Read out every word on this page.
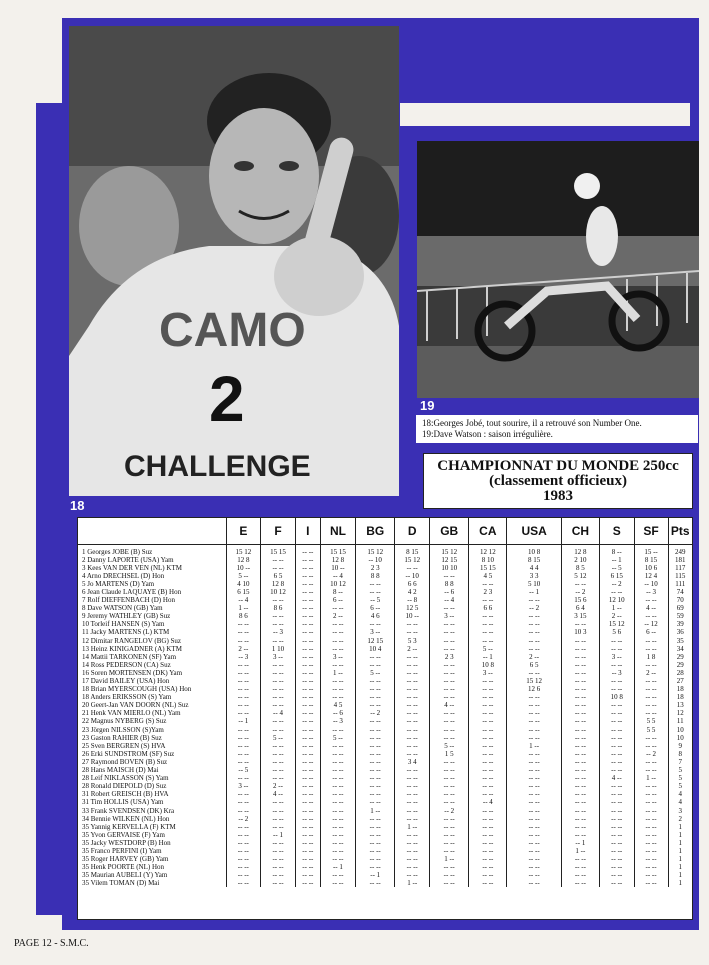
CAMO
2
CHALLENGE
18
19
18:Georges Jobé, tout sourire, il a retrouvé son Number One.
19:Dave Watson : saison irrégulière.
CHAMPIONNAT DU MONDE 250cc
(classement officieux)
1983
	E	F	I	NL	BG	D	GB	CA	USA	CH	S	SF	Pts
1 Georges JOBE (B) Suz	15 12	15 15	-- --	15 15	15 12	8 15	15 12	12 12	10 8	12 8	8 --	15 --	249
2 Danny LAPORTE (USA) Yam	12 8	-- --	-- --	12 8	-- 10	15 12	12 15	8 10	8 15	2 10	-- 1	8 15	181
3 Kees VAN DER VEN (NL) KTM	10 --	-- --	-- --	10 --	2 3	-- --	10 10	15 15	4 4	8 5	-- 5	10 6	117
4 Arno DRECHSEL (D) Hon	5 --	6 5	-- --	-- 4	8 8	-- 10	-- --	4 5	3 3	5 12	6 15	12 4	115
5 Jo MARTENS (D) Yam	4 10	12 8	-- --	10 12	-- --	6 6	8 8	-- --	5 10	-- --	-- 2	-- 10	111
6 Jean Claude LAQUAYE (B) Hon	6 15	10 12	-- --	8 --	-- --	4 2	-- 6	2 3	-- 1	-- 2	-- --	-- 3	74
7 Rolf DIEFFENBACH (D) Hon	-- 4	-- --	-- --	6 --	-- 5	-- 8	-- 4	-- --	-- --	15 6	12 10	-- --	70
8 Dave WATSON (GB) Yam	1 --	8 6	-- --	-- --	6 --	12 5	-- --	6 6	-- 2	6 4	1 --	4 --	69
9 Jeremy WATHLEY (GB) Suz	8 6	-- --	-- --	2 --	4 6	10 --	3 --	-- --	-- --	3 15	2 --	-- --	59
10 Torleif HANSEN (S) Yam	-- --	-- --	-- --	-- --	-- --	-- --	-- --	-- --	-- --	-- --	15 12	-- 12	39
11 Jacky MARTENS (L) KTM	-- --	-- 3	-- --	-- --	3 --	-- --	-- --	-- --	-- --	10 3	5 6	6 --	36
12 Dimitar RANGELOV (BG) Suz	-- --	-- --	-- --	-- --	12 15	5 3	-- --	-- --	-- --	-- --	-- --	-- --	35
13 Heinz KINIGADNER (A) KTM	2 --	1 10	-- --	-- --	10 4	2 --	-- --	5 --	-- --	-- --	-- --	-- --	34
14 Mattii TARKONEN (SF) Yam	-- 3	3 --	-- --	3 --	-- --	-- --	2 3	-- 1	2 --	-- --	3 --	1 8	29
14 Ross PEDERSON (CA) Suz	-- --	-- --	-- --	-- --	-- --	-- --	-- --	10 8	6 5	-- --	-- --	-- --	29
16 Soren MORTENSEN (DK) Yam	-- --	-- --	-- --	1 --	5 --	-- --	-- --	3 --	-- --	-- --	-- 3	2 --	28
17 David BAILEY (USA) Hon	-- --	-- --	-- --	-- --	-- --	-- --	-- --	-- --	15 12	-- --	-- --	-- --	27
18 Brian MYERSCOUGH (USA) Hon	-- --	-- --	-- --	-- --	-- --	-- --	-- --	-- --	12 6	-- --	-- --	-- --	18
18 Anders ERIKSSON (S) Yam	-- --	-- --	-- --	-- --	-- --	-- --	-- --	-- --	-- --	-- --	10 8	-- --	18
20 Geert-Jan VAN DOORN (NL) Suz	-- --	-- --	-- --	4 5	-- --	-- --	4 --	-- --	-- --	-- --	-- --	-- --	13
21 Henk VAN MIERLO (NL) Yam	-- --	-- 4	-- --	-- 6	-- 2	-- --	-- --	-- --	-- --	-- --	-- --	-- --	12
22 Magnus NYBERG (S) Suz	-- 1	-- --	-- --	-- 3	-- --	-- --	-- --	-- --	-- --	-- --	-- --	5 5	11
23 Jörgen NILSSON (S)Yam	-- --	-- --	-- --	-- --	-- --	-- --	-- --	-- --	-- --	-- --	-- --	5 5	10
23 Gaston RAHIER (B) Suz	-- --	5 --	-- --	5 --	-- --	-- --	-- --	-- --	-- --	-- --	-- --	-- --	10
25 Sven BERGREN (S) HVA	-- --	-- --	-- --	-- --	-- --	-- --	5 --	-- --	1 --	-- --	-- --	-- --	9
26 Erki SUNDSTROM (SF) Suz	-- --	-- --	-- --	-- --	-- --	-- --	1 5	-- --	-- --	-- --	-- --	-- 2	8
27 Raymond BOVEN (B) Suz	-- --	-- --	-- --	-- --	-- --	3 4	-- --	-- --	-- --	-- --	-- --	-- --	7
28 Hans MAISCH (D) Mai	-- 5	-- --	-- --	-- --	-- --	-- --	-- --	-- --	-- --	-- --	-- --	-- --	5
28 Leif NIKLASSON (S) Yam	-- --	-- --	-- --	-- --	-- --	-- --	-- --	-- --	-- --	-- --	4 --	1 --	5
28 Ronald DIEPOLD (D) Suz	3 --	2 --	-- --	-- --	-- --	-- --	-- --	-- --	-- --	-- --	-- --	-- --	5
31 Robert GREISCH (B) HVA	-- --	4 --	-- --	-- --	-- --	-- --	-- --	-- --	-- --	-- --	-- --	-- --	4
31 Tim HOLLIS (USA) Yam	-- --	-- --	-- --	-- --	-- --	-- --	-- --	-- 4	-- --	-- --	-- --	-- --	4
33 Frank SVENDSEN (DK) Kra	-- --	-- --	-- --	-- --	1 --	-- --	-- 2	-- --	-- --	-- --	-- --	-- --	3
34 Bennie WILKEN (NL) Hon	-- 2	-- --	-- --	-- --	-- --	-- --	-- --	-- --	-- --	-- --	-- --	-- --	2
35 Yannig KERVELLA (F) KTM	-- --	-- --	-- --	-- --	-- --	1 --	-- --	-- --	-- --	-- --	-- --	-- --	1
35 Yvon GERVAISE (F) Yam	-- --	-- 1	-- --	-- --	-- --	-- --	-- --	-- --	-- --	-- --	-- --	-- --	1
35 Jacky WESTDORP (B) Hon	-- --	-- --	-- --	-- --	-- --	-- --	-- --	-- --	-- --	-- 1	-- --	-- --	1
35 Franco PERFINI (I) Yam	-- --	-- --	-- --	-- --	-- --	-- --	-- --	-- --	-- --	1 --	-- --	-- --	1
35 Roger HARVEY (GB) Yam	-- --	-- --	-- --	-- --	-- --	-- --	1 --	-- --	-- --	-- --	-- --	-- --	1
35 Henk POORTE (NL) Hon	-- --	-- --	-- --	-- 1	-- --	-- --	-- --	-- --	-- --	-- --	-- --	-- --	1
35 Maurian AUBELI (Y) Yam	-- --	-- --	-- --	-- --	-- 1	-- --	-- --	-- --	-- --	-- --	-- --	-- --	1
35 Vilem TOMAN (D) Mai	-- --	-- --	-- --	-- --	-- --	1 --	-- --	-- --	-- --	-- --	-- --	-- --	1
PAGE 12 - S.M.C.
